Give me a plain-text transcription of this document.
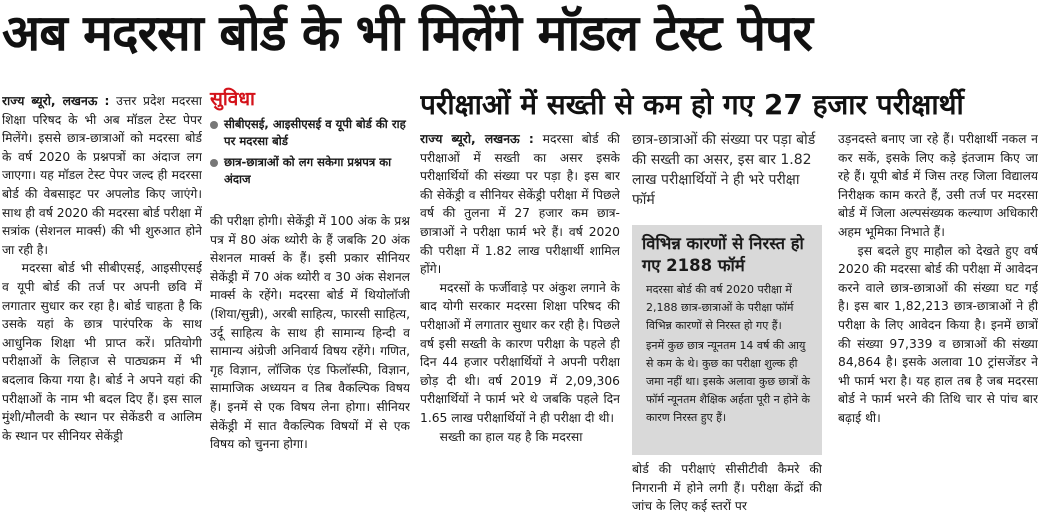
अब मदरसा बोर्ड के भी मिलेंगे मॉडल टेस्ट पेपर

राज्य ब्यूरो, लखनऊ : उत्तर प्रदेश मदरसा शिक्षा परिषद के भी अब मॉडल टेस्ट पेपर मिलेंगे। इससे छात्र-छात्राओं को मदरसा बोर्ड के वर्ष 2020 के प्रश्नपत्रों का अंदाज लग जाएगा। यह मॉडल टेस्ट पेपर जल्द ही मदरसा बोर्ड की वेबसाइट पर अपलोड किए जाएंगे। साथ ही वर्ष 2020 की मदरसा बोर्ड परीक्षा में सत्रांक (सेशनल मार्क्स) की भी शुरुआत होने जा रही है।

मदरसा बोर्ड भी सीबीएसई, आइसीएसई व यूपी बोर्ड की तर्ज पर अपनी छवि में लगातार सुधार कर रहा है। बोर्ड चाहता है कि उसके यहां के छात्र पारंपरिक के साथ आधुनिक शिक्षा भी प्राप्त करें। प्रतियोगी परीक्षाओं के लिहाज से पाठ्यक्रम में भी बदलाव किया गया है। बोर्ड ने अपने यहां की परीक्षाओं के नाम भी बदल दिए हैं। इस साल मुंशी/मौलवी के स्थान पर सेकेंडरी व आलिम के स्थान पर सीनियर सेकेंड्री

सुविधा
सीबीएसई, आइसीएसई व यूपी बोर्ड की राह पर मदरसा बोर्ड
छात्र-छात्राओं को लग सकेगा प्रश्नपत्र का अंदाज

की परीक्षा होगी। सेकेंड्री में 100 अंक के प्रश्न पत्र में 80 अंक थ्योरी के हैं जबकि 20 अंक सेशनल मार्क्स के हैं। इसी प्रकार सीनियर सेकेंड्री में 70 अंक थ्योरी व 30 अंक सेशनल मार्क्स के रहेंगे। मदरसा बोर्ड में थियोलॉजी (शिया/सुन्नी), अरबी साहित्य, फारसी साहित्य, उर्दू साहित्य के साथ ही सामान्य हिन्दी व सामान्य अंग्रेजी अनिवार्य विषय रहेंगे। गणित, गृह विज्ञान, लॉजिक एंड फिलॉस्फी, विज्ञान, सामाजिक अध्ययन व तिब वैकल्पिक विषय हैं। इनमें से एक विषय लेना होगा। सीनियर सेकेंड्री में सात वैकल्पिक विषयों में से एक विषय को चुनना होगा।

परीक्षाओं में सख्ती से कम हो गए 27 हजार परीक्षार्थी

राज्य ब्यूरो, लखनऊ : मदरसा बोर्ड की परीक्षाओं में सख्ती का असर इसके परीक्षार्थियों की संख्या पर पड़ा है। इस बार की सेकेंड्री व सीनियर सेकेंड्री परीक्षा में पिछले वर्ष की तुलना में 27 हजार कम छात्र-छात्राओं ने परीक्षा फार्म भरे हैं। वर्ष 2020 की परीक्षा में 1.82 लाख परीक्षार्थी शामिल होंगे।

मदरसों के फर्जीवाड़े पर अंकुश लगाने के बाद योगी सरकार मदरसा शिक्षा परिषद की परीक्षाओं में लगातार सुधार कर रही है। पिछले वर्ष इसी सख्ती के कारण परीक्षा के पहले ही दिन 44 हजार परीक्षार्थियों ने अपनी परीक्षा छोड़ दी थी। वर्ष 2019 में 2,09,306 परीक्षार्थियों ने फार्म भरे थे जबकि पहले दिन 1.65 लाख परीक्षार्थियों ने ही परीक्षा दी थी।

सख्ती का हाल यह है कि मदरसा

छात्र-छात्राओं की संख्या पर पड़ा बोर्ड की सख्ती का असर, इस बार 1.82 लाख परीक्षार्थियों ने ही भरे परीक्षा फॉर्म
विभिन्न कारणों से निरस्त हो गए 2188 फॉर्म
मदरसा बोर्ड की वर्ष 2020 परीक्षा में 2,188 छात्र-छात्राओं के परीक्षा फॉर्म विभिन्न कारणों से निरस्त हो गए हैं।
इनमें कुछ छात्र न्यूनतम 14 वर्ष की आयु से कम के थे। कुछ का परीक्षा शुल्क ही जमा नहीं था। इसके अलावा कुछ छात्रों के फॉर्म न्यूनतम शैक्षिक अर्हता पूरी न होने के कारण निरस्त हुए हैं।

बोर्ड की परीक्षाएं सीसीटीवी कैमरे की निगरानी में होने लगी हैं। परीक्षा केंद्रों की जांच के लिए कई स्तरों पर

उड़नदस्ते बनाए जा रहे हैं। परीक्षार्थी नकल न कर सकें, इसके लिए कड़े इंतजाम किए जा रहे हैं। यूपी बोर्ड में जिस तरह जिला विद्यालय निरीक्षक काम करते हैं, उसी तर्ज पर मदरसा बोर्ड में जिला अल्पसंख्यक कल्याण अधिकारी अहम भूमिका निभाते हैं।

इस बदले हुए माहौल को देखते हुए वर्ष 2020 की मदरसा बोर्ड की परीक्षा में आवेदन करने वाले छात्र-छात्राओं की संख्या घट गई है। इस बार 1,82,213 छात्र-छात्राओं ने ही परीक्षा के लिए आवेदन किया है। इनमें छात्रों की संख्या 97,339 व छात्राओं की संख्या 84,864 है। इसके अलावा 10 ट्रांसजेंडर ने भी फार्म भरा है। यह हाल तब है जब मदरसा बोर्ड ने फार्म भरने की तिथि चार से पांच बार बढ़ाई थी।
